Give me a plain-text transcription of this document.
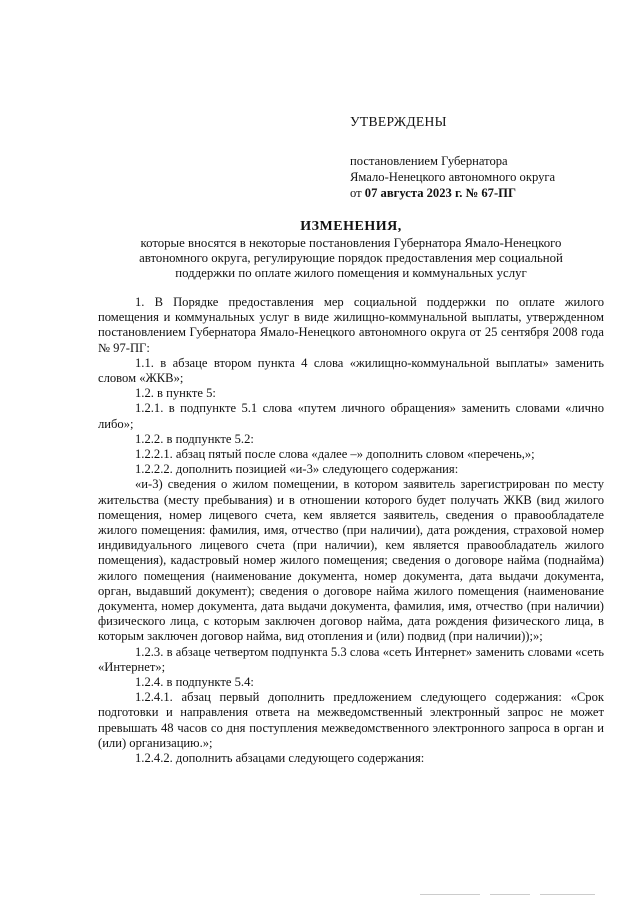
УТВЕРЖДЕНЫ
постановлением Губернатора
Ямало-Ненецкого автономного округа
от 07 августа 2023 г. № 67-ПГ
ИЗМЕНЕНИЯ,
которые вносятся в некоторые постановления Губернатора Ямало-Ненецкого
автономного округа, регулирующие порядок предоставления мер социальной
поддержки по оплате жилого помещения и коммунальных услуг

1. В Порядке предоставления мер социальной поддержки по оплате жилого помещения и коммунальных услуг в виде жилищно-коммунальной выплаты, утвержденном постановлением Губернатора Ямало-Ненецкого автономного округа от 25 сентября 2008 года № 97-ПГ:

1.1. в абзаце втором пункта 4 слова «жилищно-коммунальной выплаты» заменить словом «ЖКВ»;

1.2. в пункте 5:

1.2.1. в подпункте 5.1 слова «путем личного обращения» заменить словами «лично либо»;

1.2.2. в подпункте 5.2:

1.2.2.1. абзац пятый после слова «далее –» дополнить словом «перечень,»;

1.2.2.2. дополнить позицией «и-3» следующего содержания:

«и-3) сведения о жилом помещении, в котором заявитель зарегистрирован по месту жительства (месту пребывания) и в отношении которого будет получать ЖКВ (вид жилого помещения, номер лицевого счета, кем является заявитель, сведения о правообладателе жилого помещения: фамилия, имя, отчество (при наличии), дата рождения, страховой номер индивидуального лицевого счета (при наличии), кем является правообладатель жилого помещения), кадастровый номер жилого помещения; сведения о договоре найма (поднайма) жилого помещения (наименование документа, номер документа, дата выдачи документа, орган, выдавший документ); сведения о договоре найма жилого помещения (наименование документа, номер документа, дата выдачи документа, фамилия, имя, отчество (при наличии) физического лица, с которым заключен договор найма, дата рождения физического лица, в которым заключен договор найма, вид отопления и (или) подвид (при наличии));»;

1.2.3. в абзаце четвертом подпункта 5.3 слова «сеть Интернет» заменить словами «сеть «Интернет»;

1.2.4. в подпункте 5.4:

1.2.4.1. абзац первый дополнить предложением следующего содержания: «Срок подготовки и направления ответа на межведомственный электронный запрос не может превышать 48 часов со дня поступления межведомственного электронного запроса в орган и (или) организацию.»;

1.2.4.2. дополнить абзацами следующего содержания:
